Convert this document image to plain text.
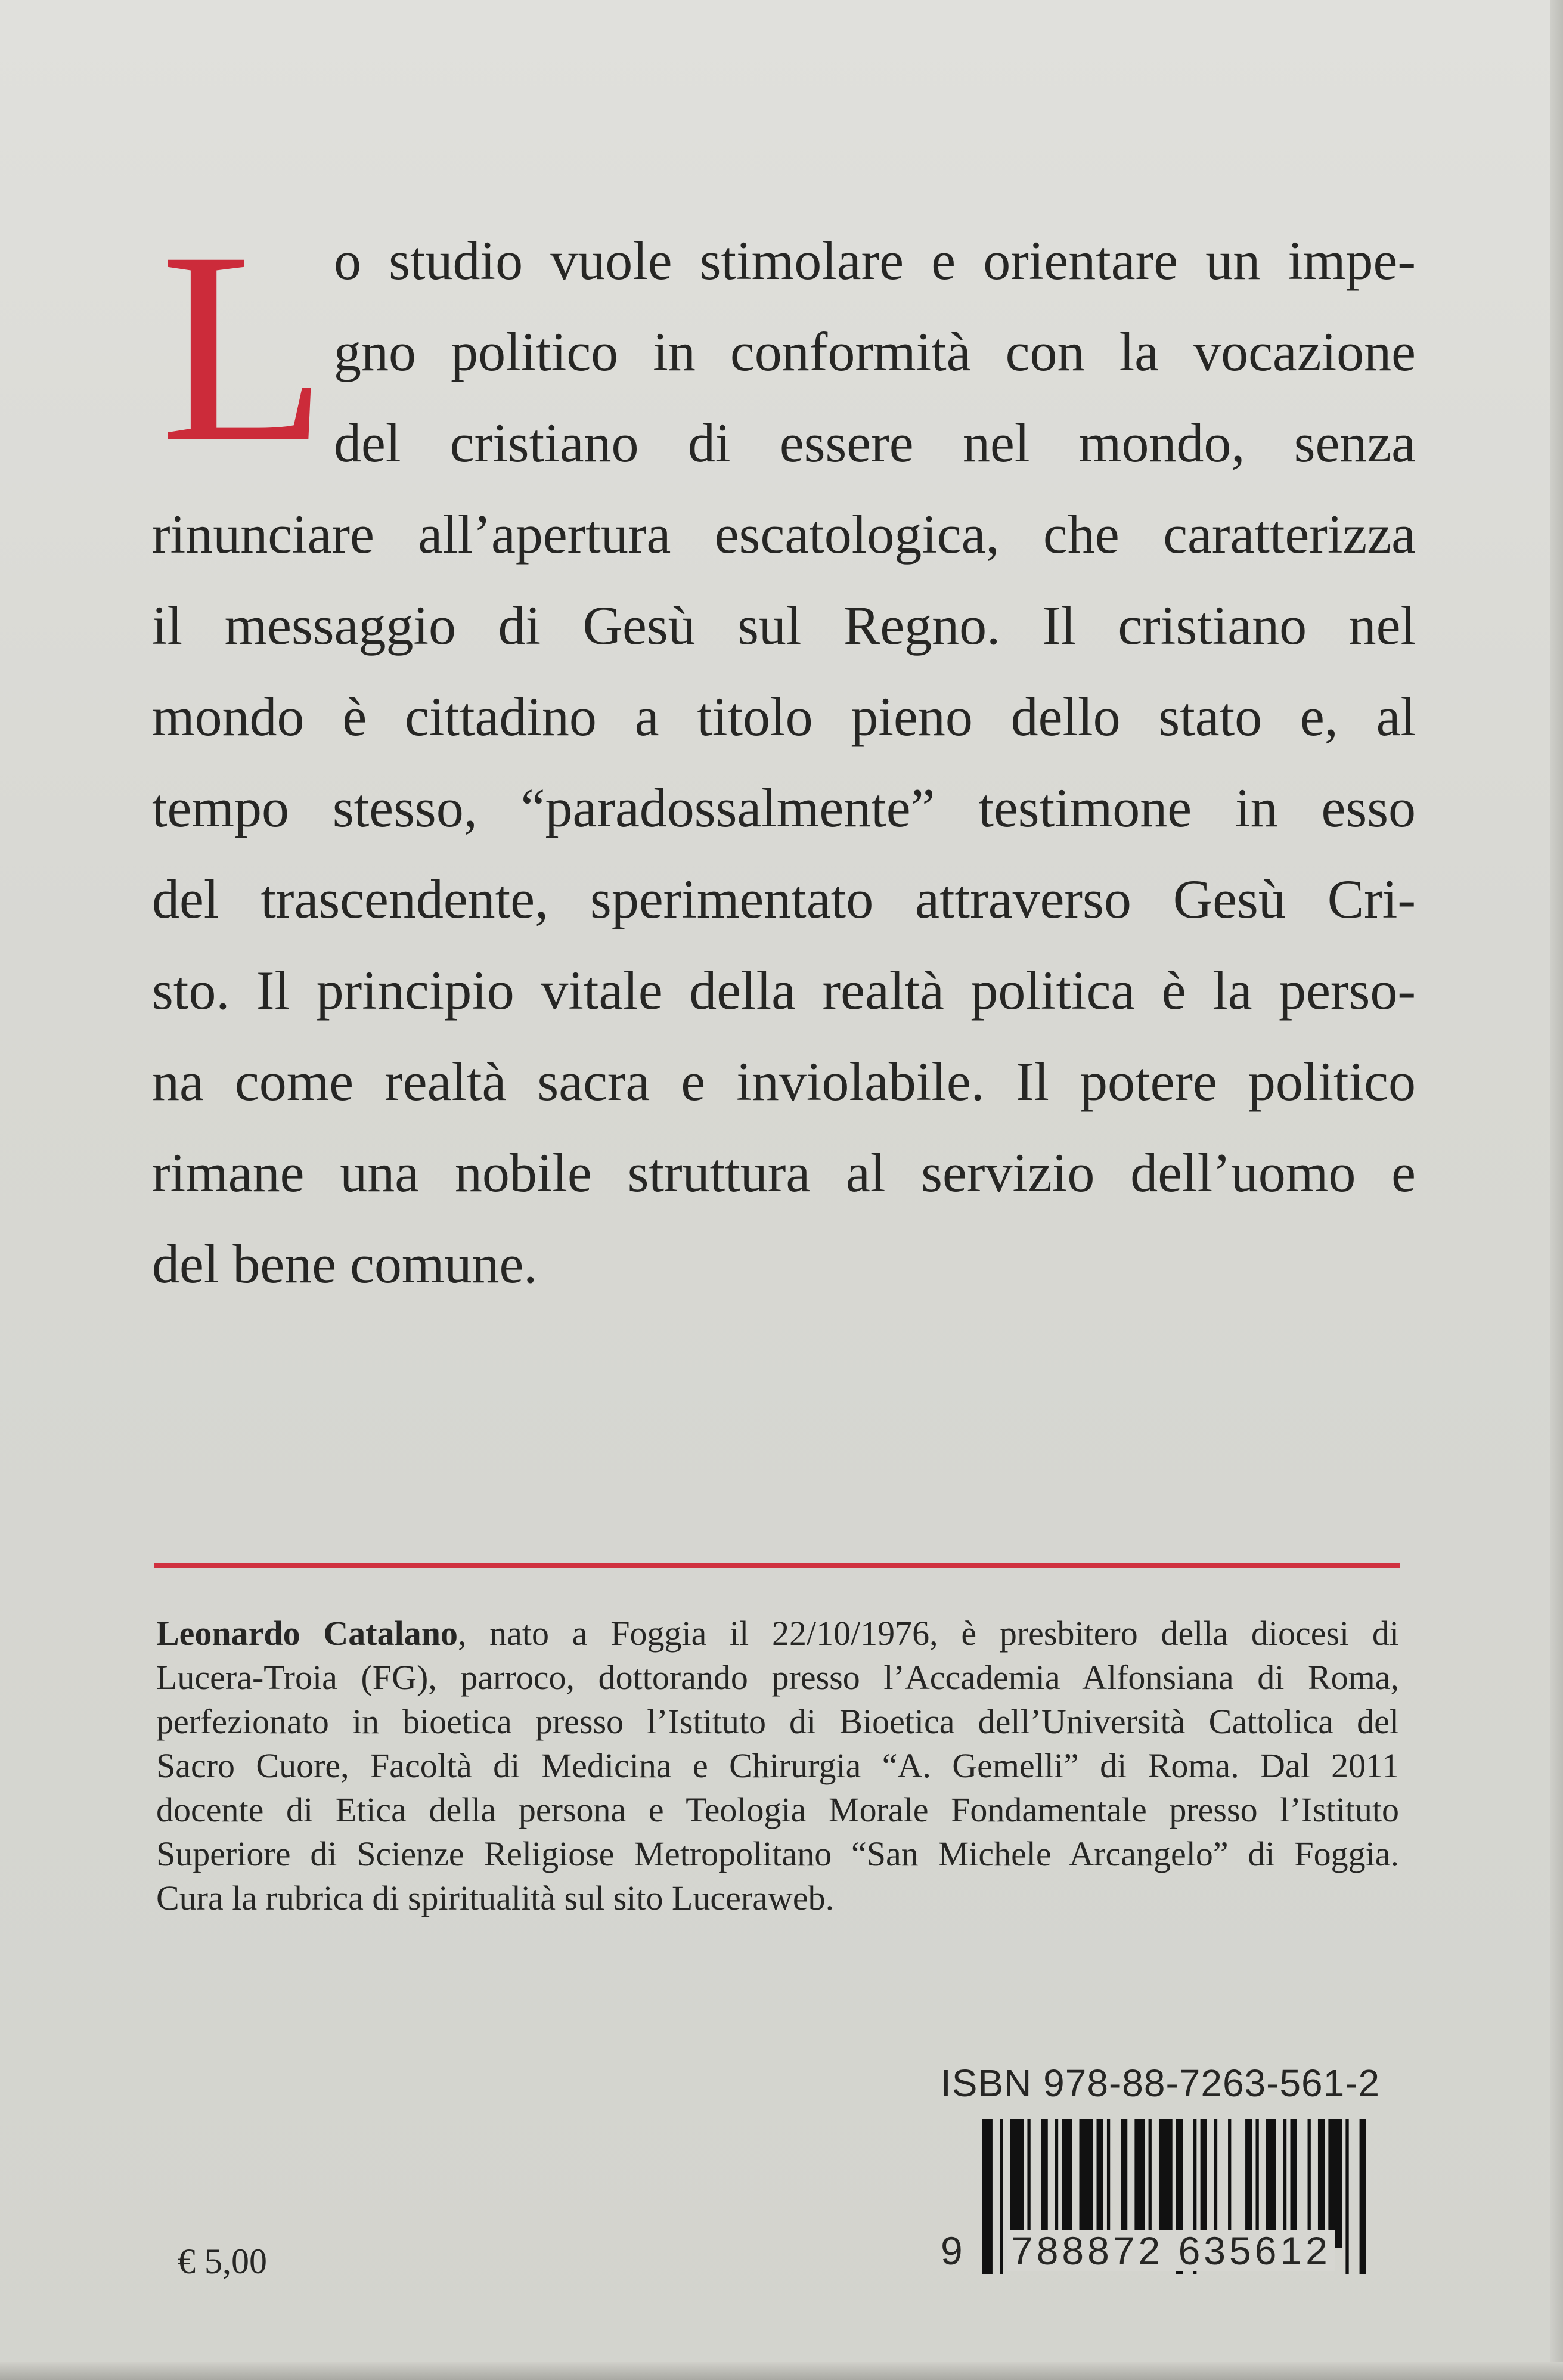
L o studio vuole stimolare e orientare un impe-
gno politico in conformità con la vocazione
del cristiano di essere nel mondo, senza
rinunciare all’apertura escatologica, che caratterizza
il messaggio di Gesù sul Regno. Il cristiano nel
mondo è cittadino a titolo pieno dello stato e, al
tempo stesso, “paradossalmente” testimone in esso
del trascendente, sperimentato attraverso Gesù Cri-
sto. Il principio vitale della realtà politica è la perso-
na come realtà sacra e inviolabile. Il potere politico
rimane una nobile struttura al servizio dell’uomo e
del bene comune.
Leonardo Catalano, nato a Foggia il 22/10/1976, è presbitero della diocesi di
Lucera-Troia (FG), parroco, dottorando presso l’Accademia Alfonsiana di Roma,
perfezionato in bioetica presso l’Istituto di Bioetica dell’Università Cattolica del
Sacro Cuore, Facoltà di Medicina e Chirurgia “A. Gemelli” di Roma. Dal 2011
docente di Etica della persona e Teologia Morale Fondamentale presso l’Istituto
Superiore di Scienze Religiose Metropolitano “San Michele Arcangelo” di Foggia.
Cura la rubrica di spiritualità sul sito Luceraweb.
€ 5,00
ISBN 978-88-7263-561-2
9 788872 635612
